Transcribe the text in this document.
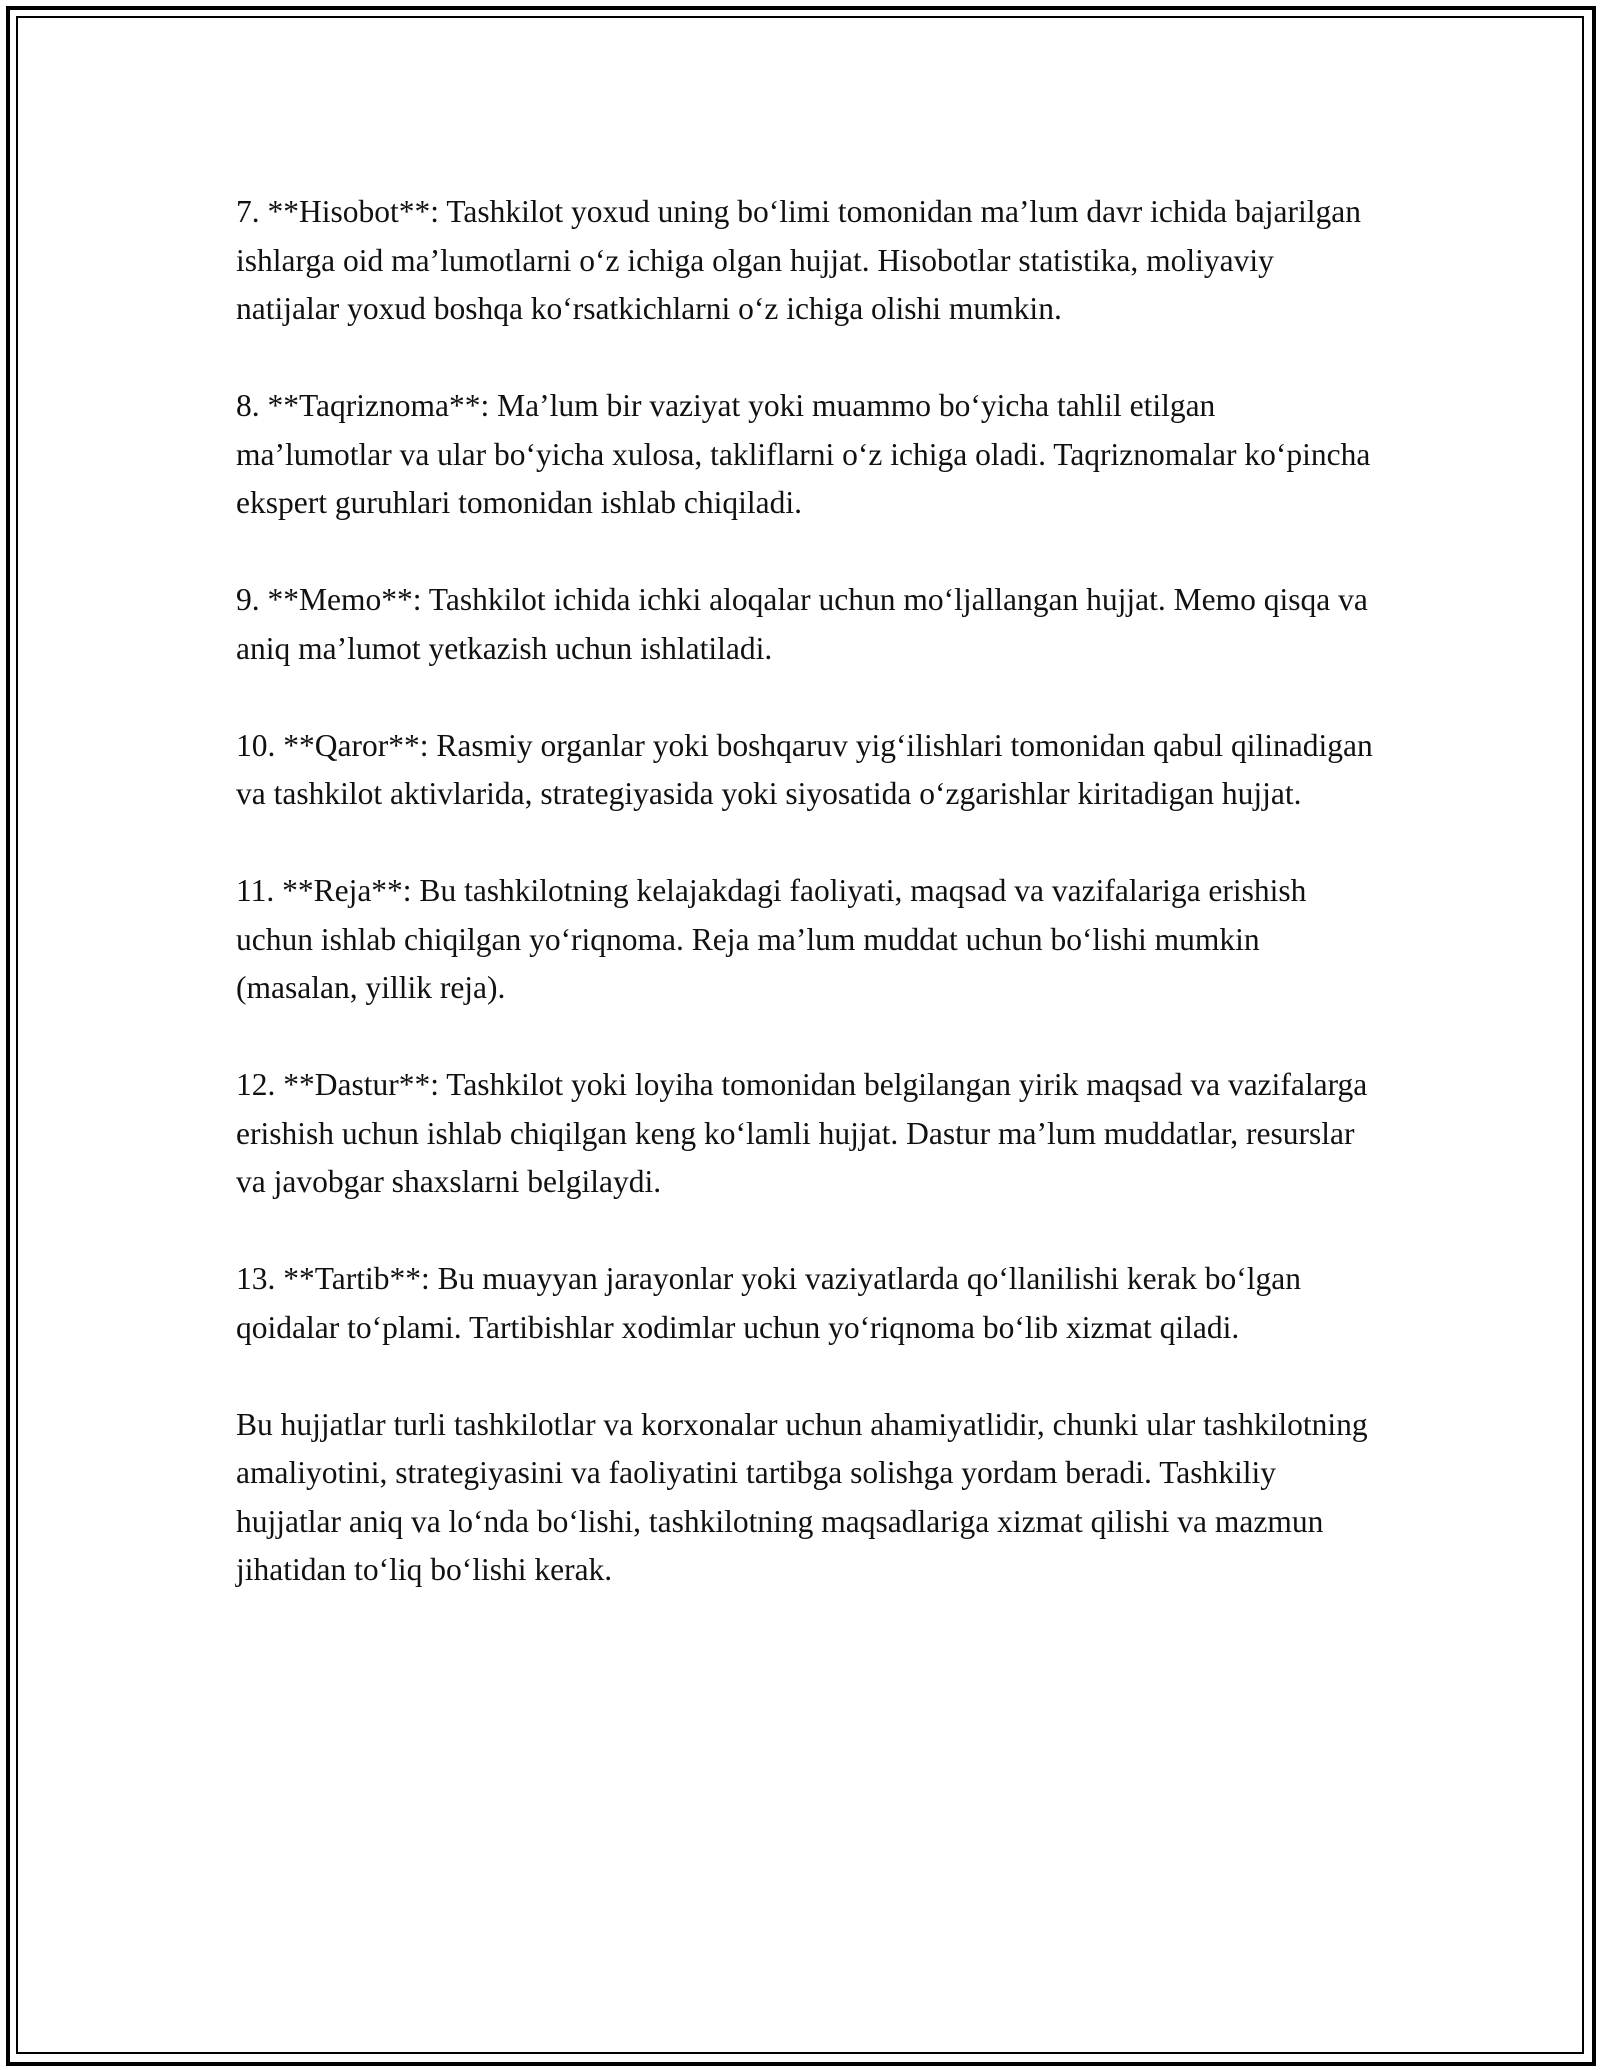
7. **Hisobot**: Tashkilot yoxud uning bo‘limi tomonidan ma’lum davr ichida bajarilgan ishlarga oid ma’lumotlarni o‘z ichiga olgan hujjat. Hisobotlar statistika, moliyaviy natijalar yoxud boshqa ko‘rsatkichlarni o‘z ichiga olishi mumkin.

8. **Taqriznoma**: Ma’lum bir vaziyat yoki muammo bo‘yicha tahlil etilgan ma’lumotlar va ular bo‘yicha xulosa, takliflarni o‘z ichiga oladi. Taqriznomalar ko‘pincha ekspert guruhlari tomonidan ishlab chiqiladi.

9. **Memo**: Tashkilot ichida ichki aloqalar uchun mo‘ljallangan hujjat. Memo qisqa va aniq ma’lumot yetkazish uchun ishlatiladi.

10. **Qaror**: Rasmiy organlar yoki boshqaruv yig‘ilishlari tomonidan qabul qilinadigan va tashkilot aktivlarida, strategiyasida yoki siyosatida o‘zgarishlar kiritadigan hujjat.

11. **Reja**: Bu tashkilotning kelajakdagi faoliyati, maqsad va vazifalariga erishish uchun ishlab chiqilgan yo‘riqnoma. Reja ma’lum muddat uchun bo‘lishi mumkin (masalan, yillik reja).

12. **Dastur**: Tashkilot yoki loyiha tomonidan belgilangan yirik maqsad va vazifalarga erishish uchun ishlab chiqilgan keng ko‘lamli hujjat. Dastur ma’lum muddatlar, resurslar va javobgar shaxslarni belgilaydi.

13. **Tartib**: Bu muayyan jarayonlar yoki vaziyatlarda qo‘llanilishi kerak bo‘lgan qoidalar to‘plami. Tartibishlar xodimlar uchun yo‘riqnoma bo‘lib xizmat qiladi.

Bu hujjatlar turli tashkilotlar va korxonalar uchun ahamiyatlidir, chunki ular tashkilotning amaliyotini, strategiyasini va faoliyatini tartibga solishga yordam beradi. Tashkiliy hujjatlar aniq va lo‘nda bo‘lishi, tashkilotning maqsadlariga xizmat qilishi va mazmun jihatidan to‘liq bo‘lishi kerak.
